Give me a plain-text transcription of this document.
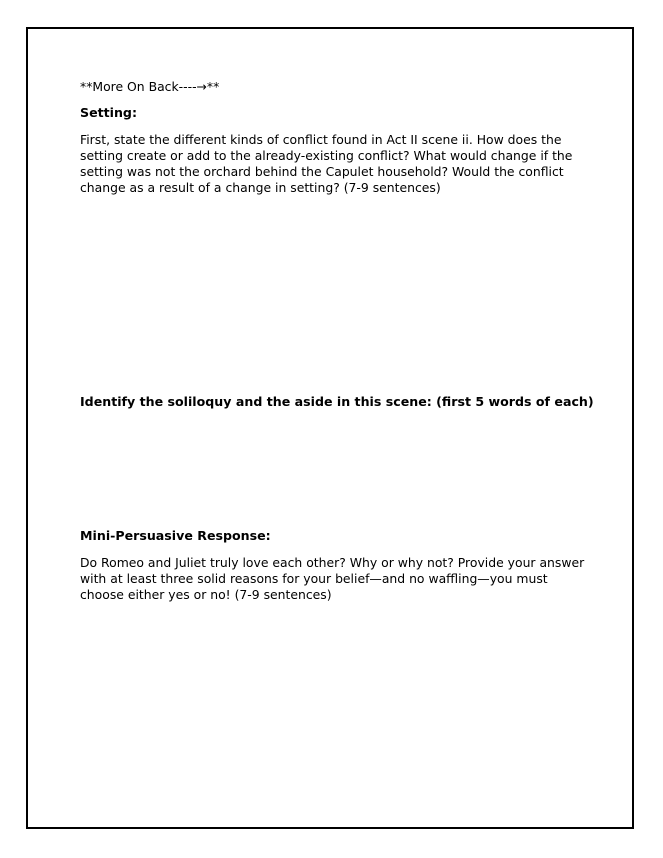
**More On Back----→**

Setting:

First, state the different kinds of conflict found in Act II scene ii. How does the setting create or add to the already-existing conflict? What would change if the setting was not the orchard behind the Capulet household? Would the conflict change as a result of a change in setting? (7-9 sentences)

Identify the soliloquy and the aside in this scene: (first 5 words of each)

Mini-Persuasive Response:

Do Romeo and Juliet truly love each other? Why or why not? Provide your answer with at least three solid reasons for your belief—and no waffling—you must choose either yes or no! (7-9 sentences)
